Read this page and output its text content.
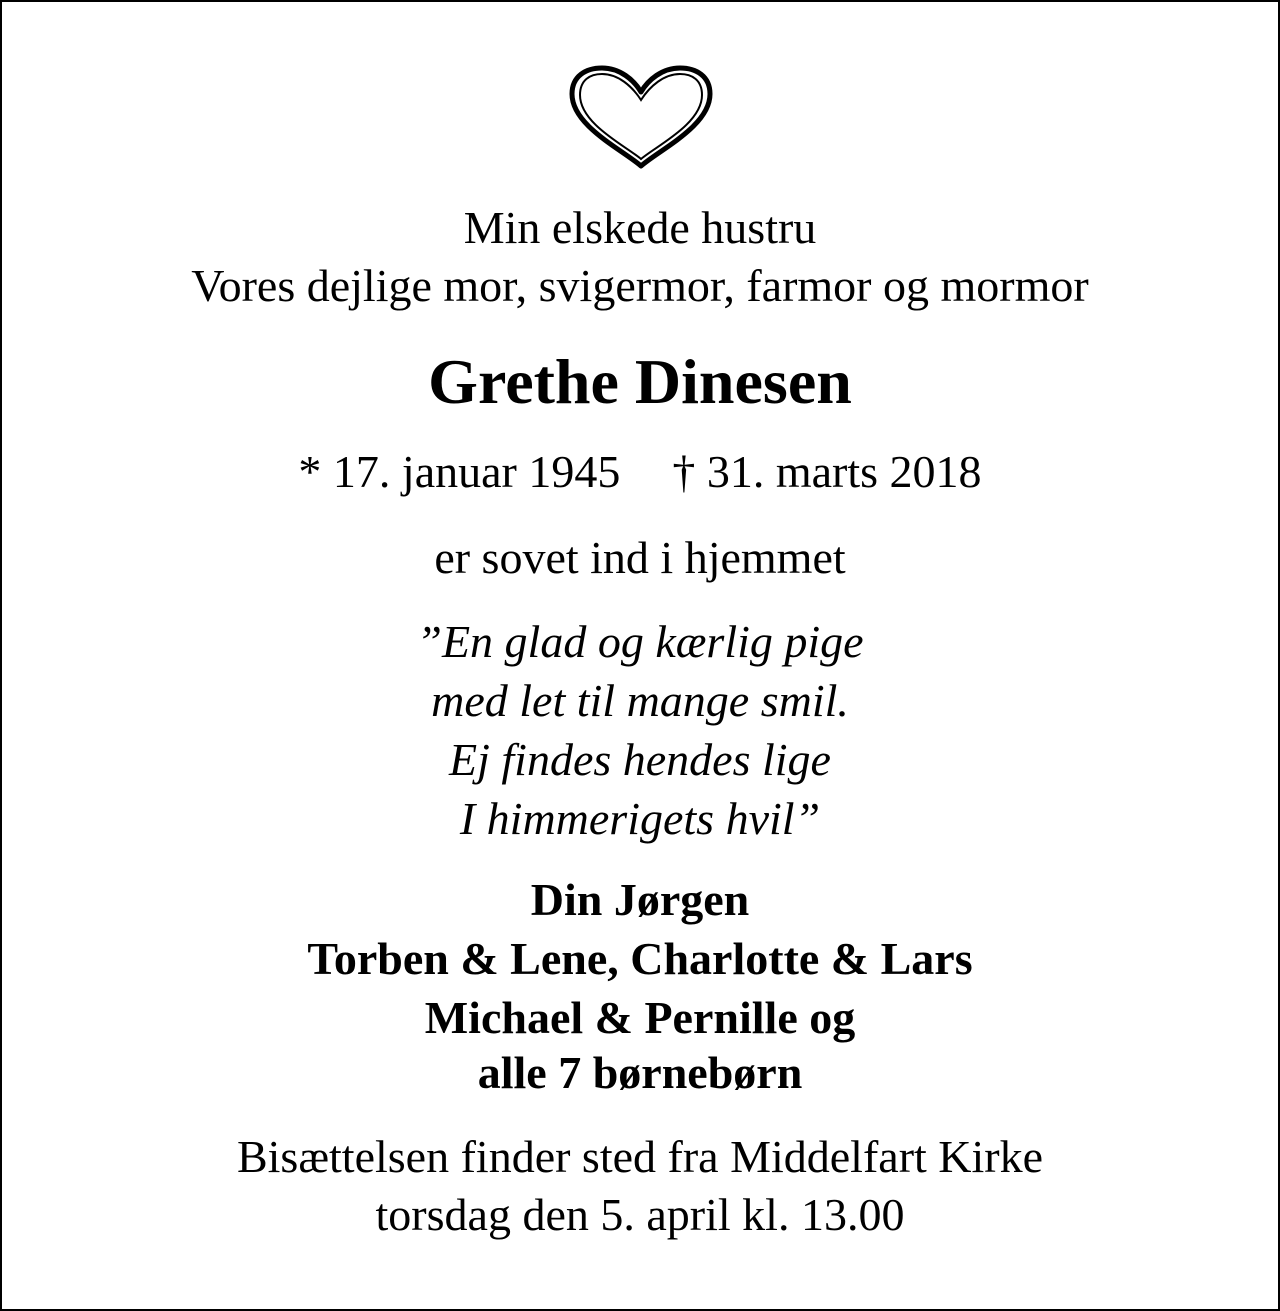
Min elskede hustru
Vores dejlige mor, svigermor, farmor og mormor
Grethe Dinesen
* 17. januar 1945 † 31. marts 2018
er sovet ind i hjemmet
”En glad og kærlig pige
med let til mange smil.
Ej findes hendes lige
I himmerigets hvil”
Din Jørgen
Torben & Lene, Charlotte & Lars
Michael & Pernille og
alle 7 børnebørn
Bisættelsen finder sted fra Middelfart Kirke
torsdag den 5. april kl. 13.00
